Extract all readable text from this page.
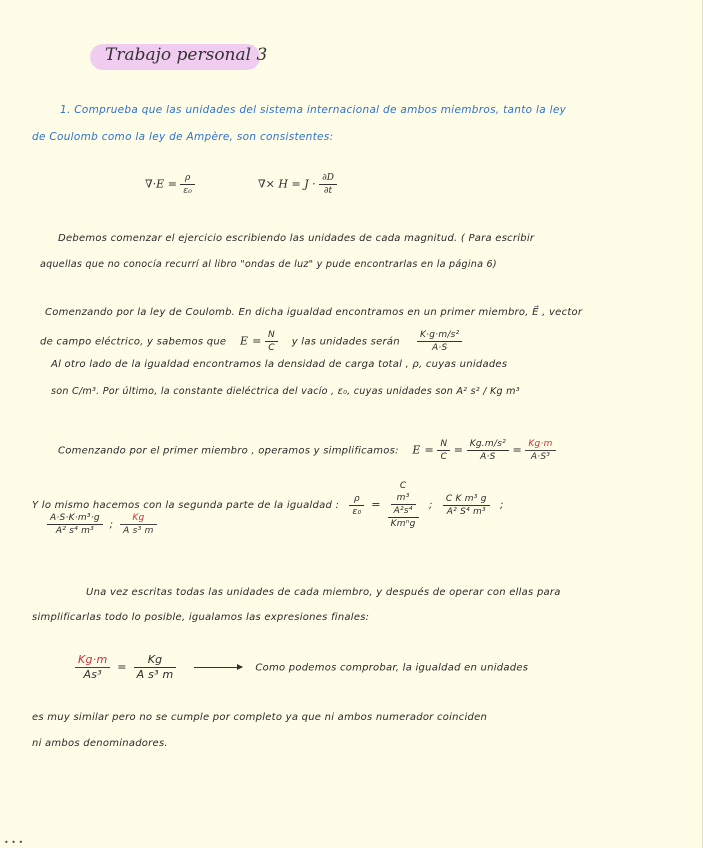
Trabajo personal 3
1. Comprueba que las unidades del sistema internacional de ambos miembros, tanto la ley
de Coulomb como la ley de Ampère, son consistentes:
$\nabla\cdot E = \frac{\rho}{\text{ε₀}}$	∇× $H = J \cdot \frac{\partial D}{\partial t}$
Debemos comenzar el ejercicio escribiendo las unidades de cada magnitud. ( Para escribir
aquellas que no conocía recurrí al libro "ondas de luz" y pude encontrarlas en la página 6)
Comenzando por la ley de Coulomb. En dicha igualdad encontramos en un primer miembro, E⃗ , vector
de campo eléctrico, y sabemos que $E = \frac{N}{C}$ y las unidades serán $\frac{\text{K·g·m/s²}}{A\cdot S}$
Al otro lado de la igualdad encontramos la densidad de carga total , ρ, cuyas unidades
son C/m³. Por último, la constante dieléctrica del vacío , ε₀, cuyas unidades son A² s² / Kg m³
Comenzando por el primer miembro , operamos y simplificamos: $E = \frac{N}{C} = \frac{\text{Kg.m/s²}}{A\cdot S} = \frac{Kg\cdot m}{\text{A·S³}}$
Y lo mismo hacemos con la segunda parte de la igualdad : $\frac{\rho}{\text{ε₀}} = C$
m³
A²s⁴
Kmⁿg ; $\frac{\text{C K m³ g}}{\text{A² S⁴ m³}}$ ;
$\frac{\text{A·S·K·m³·g}}{\text{A² s⁴ m³}}$ ; $\frac{Kg}{\text{A s³ m}}$
Una vez escritas todas las unidades de cada miembro, y después de operar con ellas para
simplificarlas todo lo posible, igualamos las expresiones finales:
$\frac{Kg\cdot m}{\text{As³}} = \frac{Kg}{\text{A s³ m}}$	Como podemos comprobar, la igualdad en unidades
es muy similar pero no se cumple por completo ya que ni ambos numerador coinciden
ni ambos denominadores.
• • •
